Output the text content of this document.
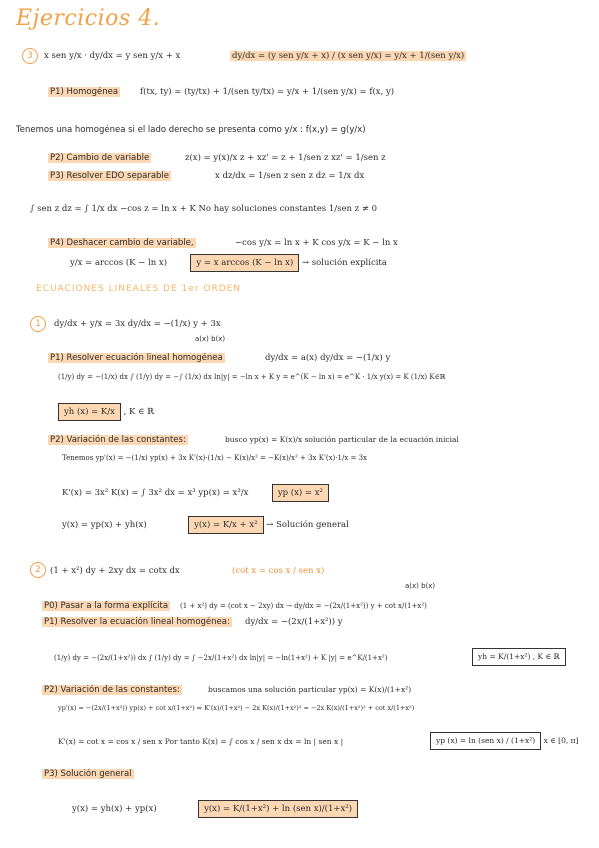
Ejercicios 4.
3	x sen y/x · dy/dx = y sen y/x + x	dy/dx = (y sen y/x + x) / (x sen y/x) = y/x + 1/(sen y/x)
P1) Homogénea	f(tx, ty) = (ty/tx) + 1/(sen ty/tx) = y/x + 1/(sen y/x) = f(x, y)
Tenemos una homogénea si el lado derecho se presenta como y/x : f(x,y) = g(y/x)
P2) Cambio de variable	z(x) = y(x)/x z + xz' = z + 1/sen z xz' = 1/sen z
P3) Resolver EDO separable	x dz/dx = 1/sen z sen z dz = 1/x dx
∫ sen z dz = ∫ 1/x dx −cos z = ln x + K No hay soluciones constantes 1/sen z ≠ 0
P4) Deshacer cambio de variable,	−cos y/x = ln x + K cos y/x = K − ln x
y/x = arccos (K − ln x)	y = x arccos (K − ln x) → solución explícita
ECUACIONES LINEALES DE 1er ORDEN
1	dy/dx + y/x = 3x dy/dx = −(1/x) y + 3x
a(x) b(x)
P1) Resolver ecuación lineal homogénea	dy/dx = a(x) dy/dx = −(1/x) y
(1/y) dy = −(1/x) dx ∫ (1/y) dy = −∫ (1/x) dx ln|y| = −ln x + K y = e^(K − ln x) = e^K · 1/x y(x) = K (1/x) K∈ℝ
yh (x) = K/x , K ∈ ℝ
P2) Variación de las constantes:	busco yp(x) = K(x)/x solución particular de la ecuación inicial
Tenemos yp'(x) = −(1/x) yp(x) + 3x K'(x)·(1/x) − K(x)/x² = −K(x)/x² + 3x K'(x)·1/x = 3x
K'(x) = 3x² K(x) = ∫ 3x² dx = x³ yp(x) = x³/x	yp (x) = x²
y(x) = yp(x) + yh(x)	y(x) = K/x + x² → Solución general
2	(1 + x²) dy + 2xy dx = cotx dx	(cot x = cos x / sen x)
a(x) b(x)
P0) Pasar a la forma explícita (1 + x²) dy = (cot x − 2xy) dx → dy/dx = −(2x/(1+x²)) y + cot x/(1+x²)
P1) Resolver la ecuación lineal homogénea: dy/dx = −(2x/(1+x²)) y
(1/y) dy = −(2x/(1+x²)) dx ∫ (1/y) dy = ∫ −2x/(1+x²) dx ln|y| = −ln(1+x²) + K |y| = e^K/(1+x²)	yh = K/(1+x²) , K ∈ ℝ
P2) Variación de las constantes:	buscamos una solución particular yp(x) = K(x)/(1+x²)
yp'(x) = −(2x/(1+x²)) yp(x) + cot x/(1+x²) ⇒ K'(x)/(1+x²) − 2x K(x)/(1+x²)² = −2x K(x)/(1+x²)² + cot x/(1+x²)
K'(x) = cot x = cos x / sen x Por tanto K(x) = ∫ cos x / sen x dx = ln | sen x |	yp (x) = ln (sen x) / (1+x²) x ∈ [0, π]
P3) Solución general
y(x) = yh(x) + yp(x)	y(x) = K/(1+x²) + ln (sen x)/(1+x²)
